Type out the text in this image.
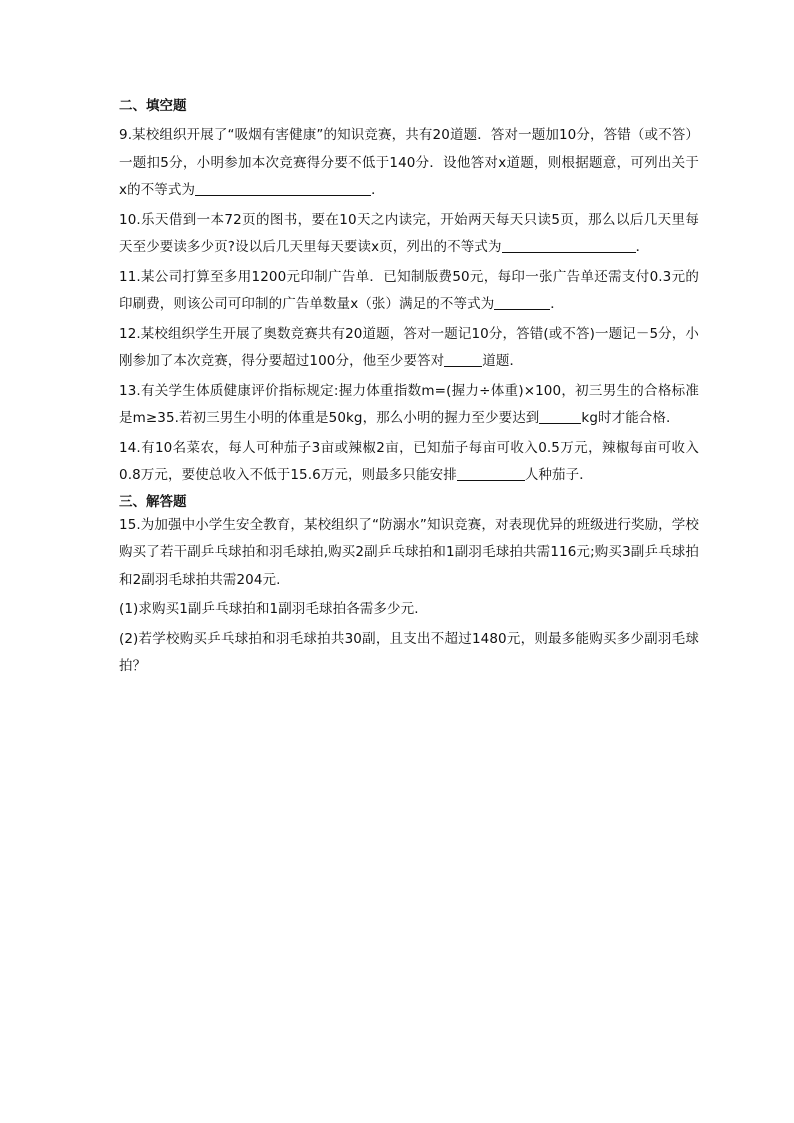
二、填空题
9.某校组织开展了“吸烟有害健康”的知识竞赛，共有20道题．答对一题加10分，答错（或不答）一题扣5分，小明参加本次竞赛得分要不低于140分．设他答对x道题，则根据题意，可列出关于x的不等式为	．
10.乐天借到一本72页的图书，要在10天之内读完，开始两天每天只读5页，那么以后几天里每天至少要读多少页?设以后几天里每天要读x页，列出的不等式为	．
11.某公司打算至多用1200元印制广告单．已知制版费50元，每印一张广告单还需支付0.3元的印刷费，则该公司可印制的广告单数量x（张）满足的不等式为	．
12.某校组织学生开展了奥数竞赛共有20道题，答对一题记10分，答错(或不答)一题记－5分，小刚参加了本次竞赛，得分要超过100分，他至少要答对	道题．
13.有关学生体质健康评价指标规定:握力体重指数m=(握力÷体重)×100，初三男生的合格标准是m≥35.若初三男生小明的体重是50kg，那么小明的握力至少要达到	kg时才能合格.
14.有10名菜农，每人可种茄子3亩或辣椒2亩，已知茄子每亩可收入0.5万元，辣椒每亩可收入0.8万元，要使总收入不低于15.6万元，则最多只能安排	人种茄子．
三、解答题
15.为加强中小学生安全教育，某校组织了“防溺水”知识竞赛，对表现优异的班级进行奖励，学校购买了若干副乒乓球拍和羽毛球拍,购买2副乒乓球拍和1副羽毛球拍共需116元;购买3副乒乓球拍和2副羽毛球拍共需204元.
(1)求购买1副乒乓球拍和1副羽毛球拍各需多少元.
(2)若学校购买乒乓球拍和羽毛球拍共30副，且支出不超过1480元，则最多能购买多少副羽毛球拍？
